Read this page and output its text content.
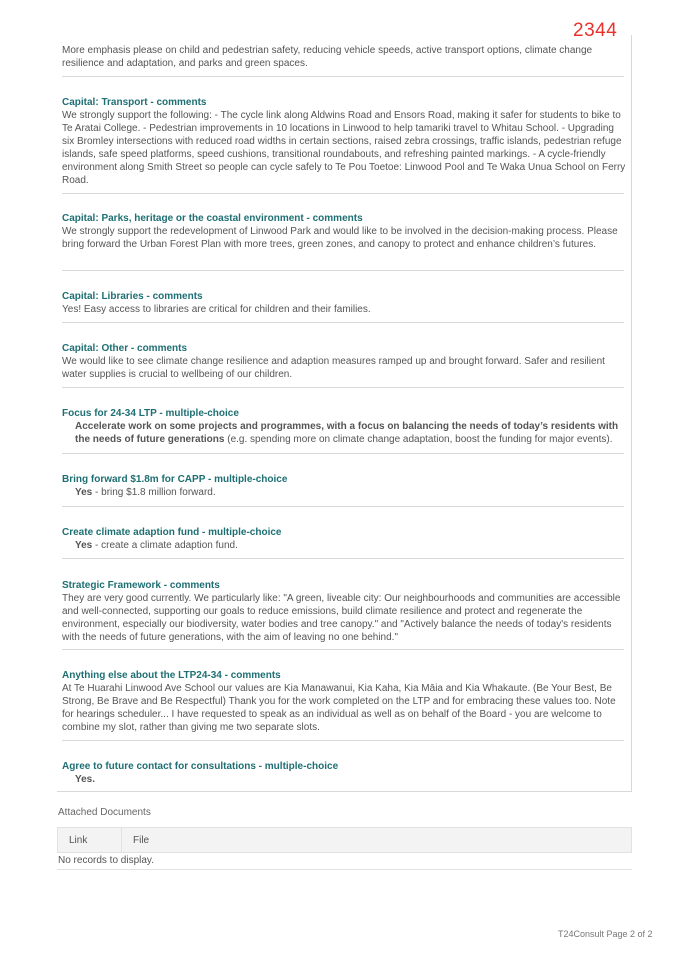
2344

More emphasis please on child and pedestrian safety, reducing vehicle speeds, active transport options, climate change resilience and adaptation, and parks and green spaces.

Capital: Transport - comments

We strongly support the following: - The cycle link along Aldwins Road and Ensors Road, making it safer for students to bike to Te Aratai College. - Pedestrian improvements in 10 locations in Linwood to help tamariki travel to Whitau School. - Upgrading six Bromley intersections with reduced road widths in certain sections, raised zebra crossings, traffic islands, pedestrian refuge islands, safe speed platforms, speed cushions, transitional roundabouts, and refreshing painted markings. - A cycle-friendly environment along Smith Street so people can cycle safely to Te Pou Toetoe: Linwood Pool and Te Waka Unua School on Ferry Road.

Capital: Parks, heritage or the coastal environment - comments

We strongly support the redevelopment of Linwood Park and would like to be involved in the decision-making process. Please bring forward the Urban Forest Plan with more trees, green zones, and canopy to protect and enhance children’s futures.

Capital: Libraries - comments

Yes! Easy access to libraries are critical for children and their families.

Capital: Other - comments

We would like to see climate change resilience and adaption measures ramped up and brought forward. Safer and resilient water supplies is crucial to wellbeing of our children.

Focus for 24-34 LTP - multiple-choice

Accelerate work on some projects and programmes, with a focus on balancing the needs of today’s residents with the needs of future generations (e.g. spending more on climate change adaptation, boost the funding for major events).

Bring forward $1.8m for CAPP - multiple-choice

Yes - bring $1.8 million forward.

Create climate adaption fund - multiple-choice

Yes - create a climate adaption fund.

Strategic Framework - comments

They are very good currently. We particularly like: "A green, liveable city: Our neighbourhoods and communities are accessible and well-connected, supporting our goals to reduce emissions, build climate resilience and protect and regenerate the environment, especially our biodiversity, water bodies and tree canopy." and "Actively balance the needs of today's residents with the needs of future generations, with the aim of leaving no one behind."

Anything else about the LTP24-34 - comments

At Te Huarahi Linwood Ave School our values are Kia Manawanui, Kia Kaha, Kia Māia and Kia Whakaute. (Be Your Best, Be Strong, Be Brave and Be Respectful) Thank you for the work completed on the LTP and for embracing these values too. Note for hearings scheduler... I have requested to speak as an individual as well as on behalf of the Board - you are welcome to combine my slot, rather than giving me two separate slots.

Agree to future contact for consultations - multiple-choice

Yes.

Attached Documents

Link	File
No records to display.
T24Consult Page 2 of 2
